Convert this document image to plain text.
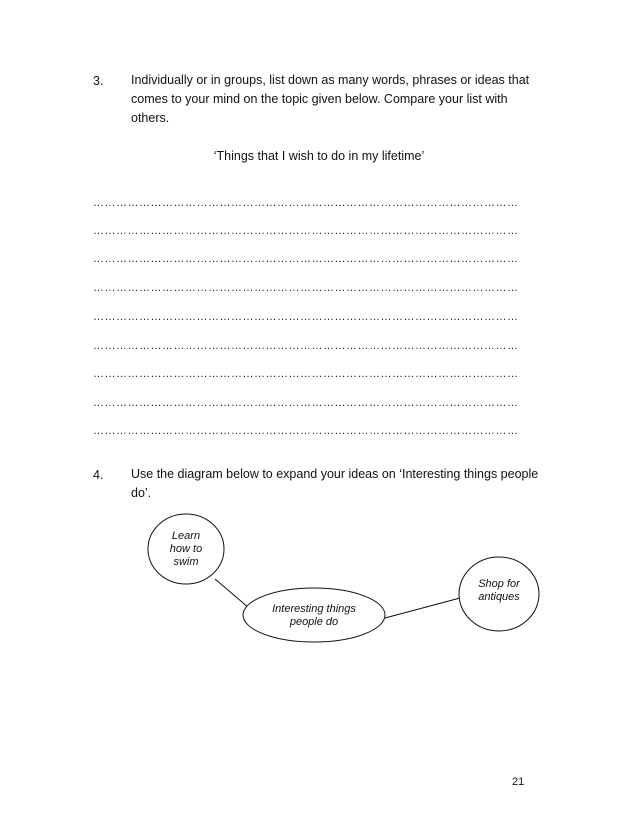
3. Individually or in groups, list down as many words, phrases or ideas that
comes to your mind on the topic given below. Compare your list with
others.
‘Things that I wish to do in my lifetime’
…………………………………………………………………………………………………
…………………………………………………………………………………………………
…………………………………………………………………………………………………
…………………………………………………………………………………………………
…………………………………………………………………………………………………
…………………………………………………………………………………………………
…………………………………………………………………………………………………
…………………………………………………………………………………………………
…………………………………………………………………………………………………
4. Use the diagram below to expand your ideas on ‘Interesting things people
do’.
Learn
how to
swim
Interesting things
people do
Shop for
antiques
21
